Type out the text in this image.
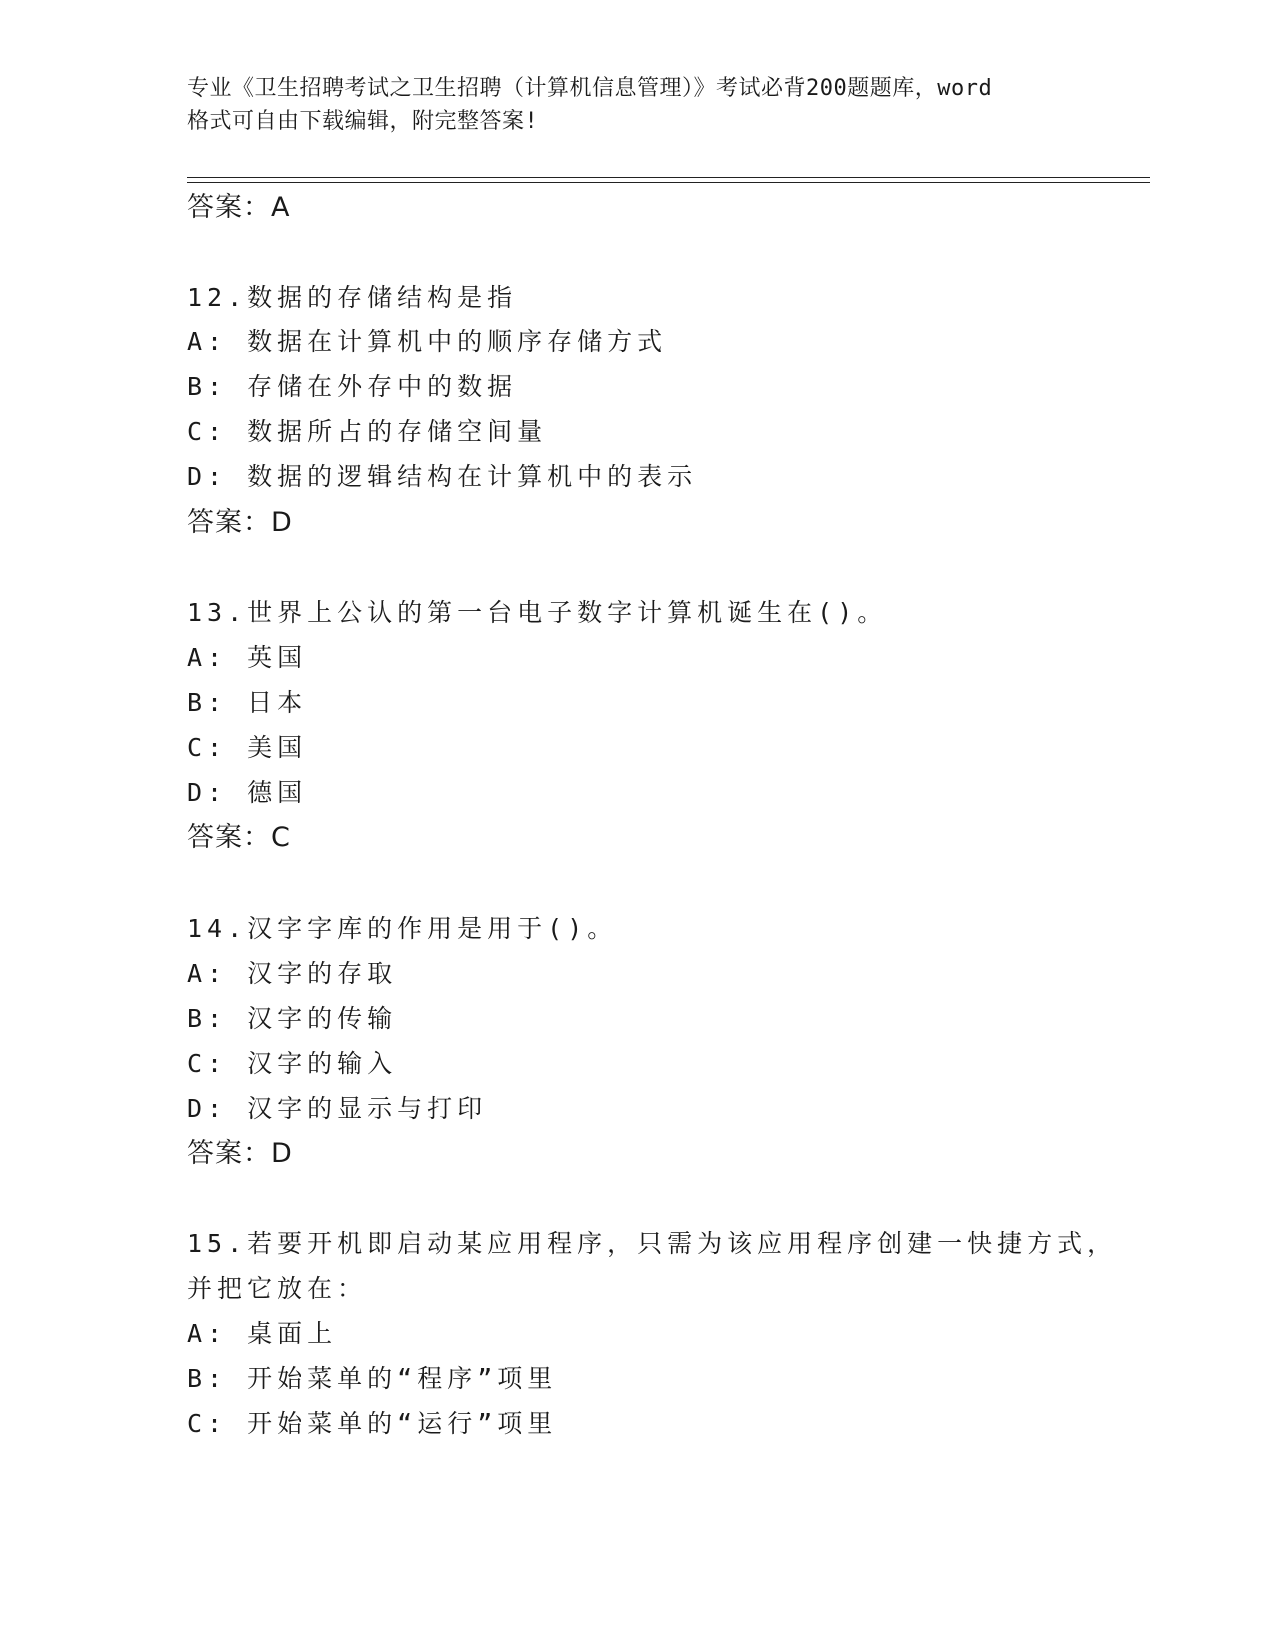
专业《卫生招聘考试之卫生招聘（计算机信息管理）》考试必背200题题库，word
格式可自由下载编辑，附完整答案!
答案：A
12.数据的存储结构是指
A: 数据在计算机中的顺序存储方式
B: 存储在外存中的数据
C: 数据所占的存储空间量
D: 数据的逻辑结构在计算机中的表示
答案：D
13.世界上公认的第一台电子数字计算机诞生在()。
A: 英国
B: 日本
C: 美国
D: 德国
答案：C
14.汉字字库的作用是用于()。
A: 汉字的存取
B: 汉字的传输
C: 汉字的输入
D: 汉字的显示与打印
答案：D
15.若要开机即启动某应用程序，只需为该应用程序创建一快捷方式，
并把它放在：
A: 桌面上
B: 开始菜单的“程序”项里
C: 开始菜单的“运行”项里
